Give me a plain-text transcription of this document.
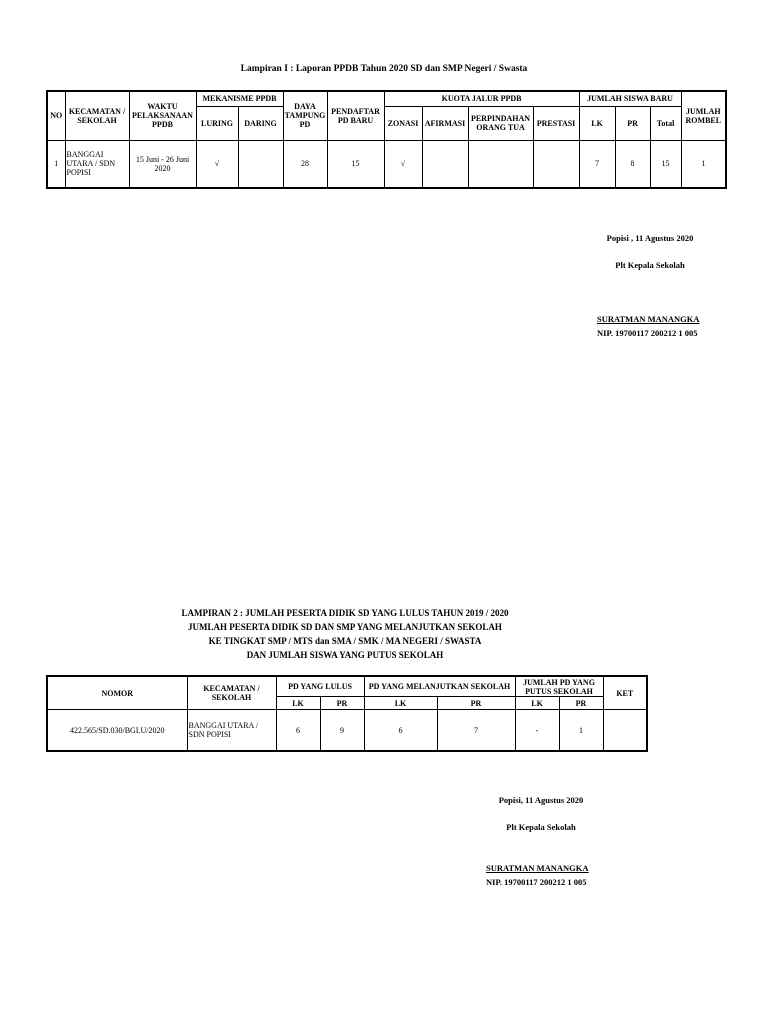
Lampiran I : Laporan PPDB Tahun 2020 SD dan SMP Negeri / Swasta
NO	KECAMATAN / SEKOLAH	WAKTU PELAKSANAAN PPDB	MEKANISME PPDB		DAYA TAMPUNG PD	PENDAFTAR PD BARU	KUOTA JALUR PPDB				JUMLAH SISWA BARU			JUMLAH ROMBEL
			LURING	DARING			ZONASI	AFIRMASI	PERPINDAHAN ORANG TUA	PRESTASI	LK	PR	Total	
1	BANGGAI UTARA / SDN POPISI	15 Juni - 26 Juni 2020	√		28	15	√				7	8	15	1
Popisi , 11 Agustus 2020
Plt Kepala Sekolah
SURATMAN MANANGKA
NIP. 19700117 200212 1 005
LAMPIRAN 2 : JUMLAH PESERTA DIDIK SD YANG LULUS TAHUN 2019 / 2020
JUMLAH PESERTA DIDIK SD DAN SMP YANG MELANJUTKAN SEKOLAH
KE TINGKAT SMP / MTS dan SMA / SMK / MA NEGERI / SWASTA
DAN JUMLAH SISWA YANG PUTUS SEKOLAH
NOMOR	KECAMATAN / SEKOLAH	PD YANG LULUS		PD YANG MELANJUTKAN SEKOLAH		JUMLAH PD YANG PUTUS SEKOLAH		KET
		LK	PR	LK	PR	LK	PR	
422.565/SD.030/BGI.U/2020	BANGGAI UTARA / SDN POPISI	6	9	6	7	-	1	
Popisi, 11 Agustus 2020
Plt Kepala Sekolah
SURATMAN MANANGKA
NIP. 19700117 200212 1 005
